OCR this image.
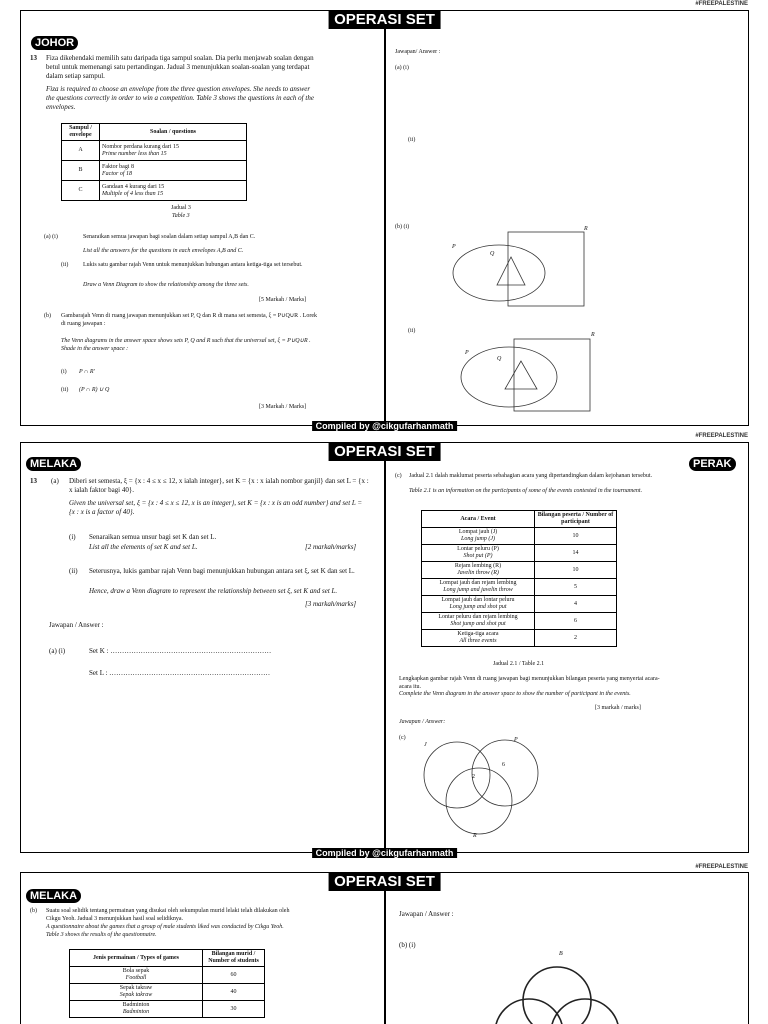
#FREEPALESTINE
#FREEPALESTINE
#FREEPALESTINE
OPERASI SET
JOHOR
13 Fiza dikehendaki memilih satu daripada tiga sampul soalan. Dia perlu menjawab soalan dengan betul untuk memenangi satu pertandingan. Jadual 3 menunjukkan soalan-soalan yang terdapat dalam setiap sampul.
Fiza is required to choose an envelope from the three question envelopes. She needs to answer the questions correctly in order to win a competition. Table 3 shows the questions in each of the envelopes.
Sampul / envelope	Soalan / questions
A	Nombor perdana kurang dari 15
Prime number less than 15

B	Faktor bagi 8
Factor of 18

C	Gandaan 4 kurang dari 15
Multiple of 4 less than 15
Jadual 3
Table 3
(a) (i)	Senaraikan semua jawapan bagi soalan dalam setiap sampul A,B dan C.
List all the answers for the questions in each envelopes A,B and C.
(ii) Lukis satu gambar rajah Venn untuk menunjukkan hubungan antara ketiga-tiga set tersebut.
Draw a Venn Diagram to show the relationship among the three sets.
[5 Markah / Marks]
(b) Gambarajah Venn di ruang jawapan menunjukkan set P, Q dan R di mana set semesta, ξ = P∪Q∪R . Lorek di ruang jawapan :
The Venn diagrams in the answer space shows sets P, Q and R such that the universal set, ξ = P∪Q∪R . Shade in the answer space :
(i) P ∩ R'
(ii) (P ∩ R) ∪ Q
[3 Markah / Marks]
Jawapan/ Answer :
(a) (i)
(ii)
(b) (i)
(ii)
P
Q
R
P
Q
R
Compiled by @cikgufarhanmath
OPERASI SET
MELAKA	PERAK
13 (a) Diberi set semesta, ξ = {x : 4 ≤ x ≤ 12, x ialah integer}, set K = {x : x ialah nombor ganjil} dan set L = {x : x ialah faktor bagi 40}.
Given the universal set, ξ = {x : 4 ≤ x ≤ 12, x is an integer}, set K = {x : x is an odd number} and set L = {x : x is a factor of 40}.
(i) Senaraikan semua unsur bagi set K dan set L.
List all the elements of set K and set L.	[2 markah/marks]
(ii) Seterusnya, lukis gambar rajah Venn bagi menunjukkan hubungan antara set ξ, set K dan set L.
Hence, draw a Venn diagram to represent the relationship between set ξ, set K and set L.
[3 markah/marks]
Jawapan / Answer :
(a) (i)	Set K : ……………………………………………………………
Set L : ……………………………………………………………
(c) Jadual 2.1 dalah maklumat peserta sebahagian acara yang dipertandingkan dalam kejohanan tersebut.
Table 2.1 is an information on the participants of some of the events contested in the tournament.
Acara / Event	Bilangan peserta / Number of participant

Lompat jauh (J)
Long jump (J)	10

Lontar peluru (P)
Shot put (P)	14

Rejam lembing (R)
Javelin throw (R)	10

Lompat jauh dan rejam lembing
Long jump and javelin throw	5

Lompat jauh dan lontar peluru
Long jump and shot put	4

Lontar peluru dan rejam lembing
Shot jump and shot put	6

Ketiga-tiga acara
All three events	2
Jadual 2.1 / Table 2.1
Lengkapkan gambar rajah Venn di ruang jawapan bagi menunjukkan bilangan peserta yang menyertai acara-acara itu.
Complete the Venn diagram in the answer space to show the number of participant in the events.
[3 markah / marks]
Jawapan / Answer:
(c)
J
P
R
6
2
Compiled by @cikgufarhanmath
OPERASI SET
MELAKA
(b) Suatu soal selidik tentang permainan yang disukai oleh sekumpulan murid lelaki telah dilakukan oleh Cikgu Yeoh. Jadual 3 menunjukkan hasil soal selidiknya.
A questionnaire about the games that a group of male students liked was conducted by Cikgu Yeoh. Table 3 shows the results of the questionnaire.
Jenis permainan / Types of games	Bilangan murid / Number of students

Bola sepak
Football	60

Sepak takraw
Sepak takraw	40

Badminton
Badminton	30
Jawapan / Answer :
(b) (i)
B
